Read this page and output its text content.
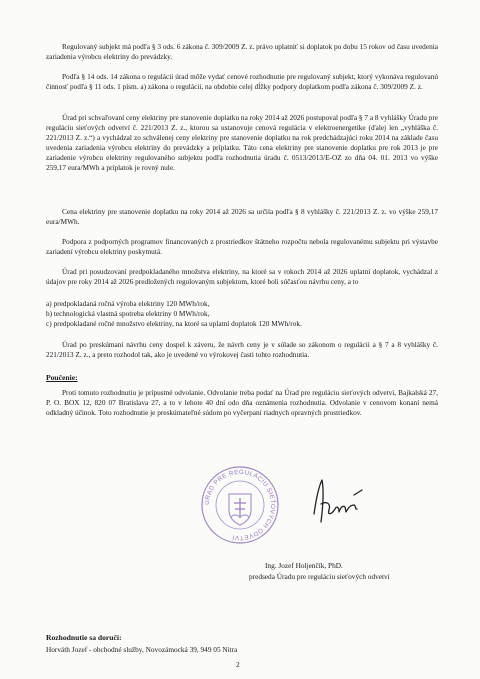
Regulovaný subjekt má podľa § 3 ods. 6 zákona č. 309/2009 Z. z. právo uplatniť si doplatok po dobu 15 rokov od času uvedenia zariadenia výrobcu elektriny do prevádzky.

Podľa § 14 ods. 14 zákona o regulácii úrad môže vydať cenové rozhodnutie pre regulovaný subjekt, ktorý vykonáva regulovanú činnosť podľa § 11 ods. 1 písm. a) zákona o regulácii, na obdobie celej dĺžky podpory doplatkom podľa zákona č. 309/2009 Z. z.

Úrad pri schvaľovaní ceny elektriny pre stanovenie doplatku na roky 2014 až 2026 postupoval podľa § 7 a 8 vyhlášky Úradu pre reguláciu sieťových odvetví č. 221/2013 Z. z., ktorou sa ustanovuje cenová regulácia v elektroenergetike (ďalej len „vyhláška č. 221/2013 Z. z.“) a vychádzal zo schválenej ceny elektriny pre stanovenie doplatku na rok predchádzajúci roku 2014 na základe času uvedenia zariadenia výrobcu elektriny do prevádzky a príplatku. Táto cena elektriny pre stanovenie doplatku pre rok 2013 je pre zariadenie výrobcu elektriny regulovaného subjektu podľa rozhodnutia úradu č. 0513/2013/E-OZ zo dňa 04. 01. 2013 vo výške 259,17 eura/MWh a príplatok je rovný nule.

Cena elektriny pre stanovenie doplatku na roky 2014 až 2026 sa určila podľa § 8 vyhlášky č. 221/2013 Z. z. vo výške 259,17 eura/MWh.

Podpora z podporných programov financovaných z prostriedkov štátneho rozpočtu nebola regulovanému subjektu pri výstavbe zariadení výrobcu elektriny poskytnutá.

Úrad pri posudzovaní predpokladaného množstva elektriny, na ktoré sa v rokoch 2014 až 2026 uplatní doplatok, vychádzal z údajov pre roky 2014 až 2026 predložených regulovaným subjektom, ktoré boli súčasťou návrhu ceny, a to

a) predpokladaná ročná výroba elektriny 120 MWh/rok,

b) technologická vlastná spotreba elektriny 0 MWh/rok,

c) predpokladané ročné množstvo elektriny, na ktoré sa uplatní doplatok 120 MWh/rok.

Úrad po preskúmaní návrhu ceny dospel k záveru, že návrh ceny je v súlade so zákonom o regulácii a § 7 a 8 vyhlášky č. 221/2013 Z. z., a preto rozhodol tak, ako je uvedené vo výrokovej časti tohto rozhodnutia.

Poučenie:

Proti tomuto rozhodnutiu je prípustné odvolanie. Odvolanie treba podať na Úrad pre reguláciu sieťových odvetví, Bajkalská 27, P. O. BOX 12, 820 07 Bratislava 27, a to v lehote 40 dní odo dňa oznámenia rozhodnutia. Odvolanie v cenovom konaní nemá odkladný účinok. Toto rozhodnutie je preskúmateľné súdom po vyčerpaní riadnych opravných prostriedkov.

ÚRAD PRE REGULÁCIU SIEŤOVÝCH ODVETVÍ
Ing. Jozef Holjenčík, PhD.
predseda Úradu pre reguláciu sieťových odvetví
Rozhodnutie sa doručí:
Horváth Jozef - obchodné služby, Novozámocká 39, 949 05 Nitra
2
